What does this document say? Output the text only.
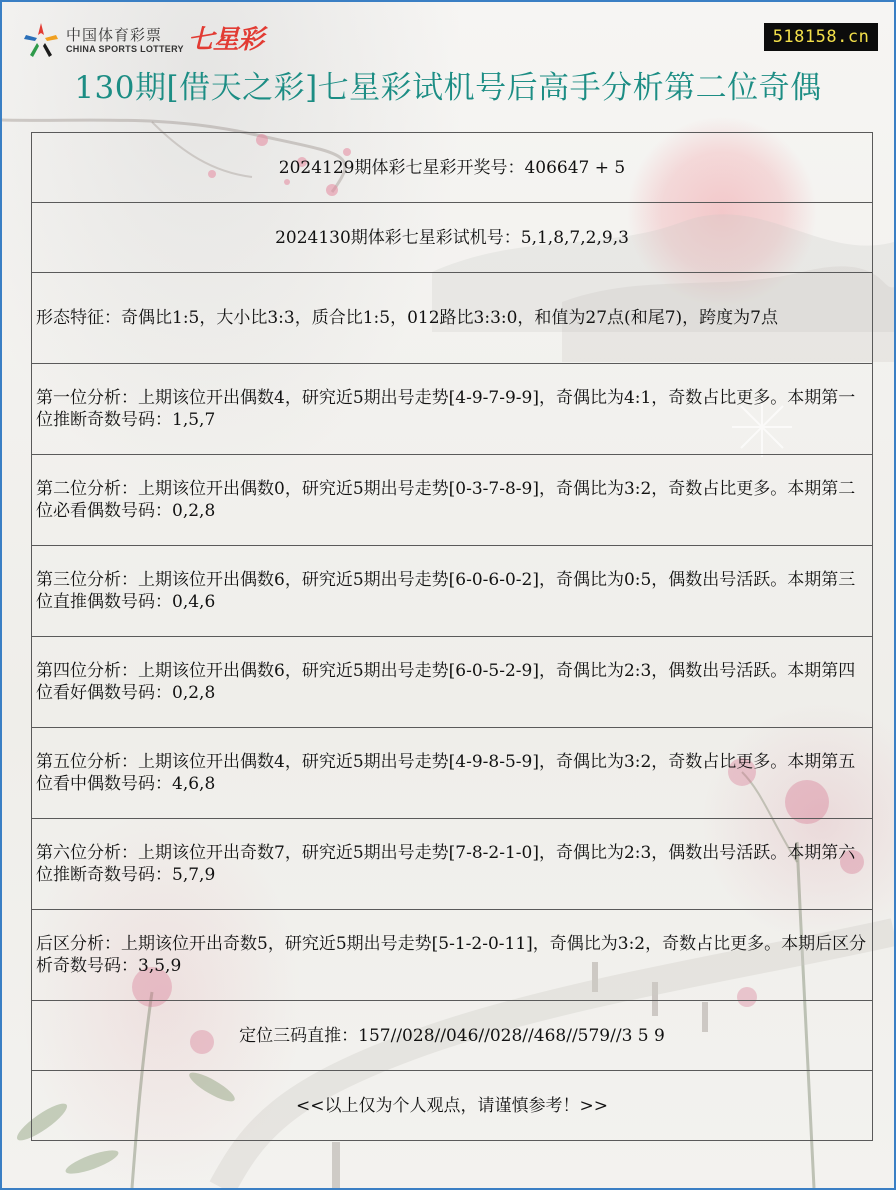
中国体育彩票
CHINA SPORTS LOTTERY 七星彩	518158.cn
130期[借天之彩]七星彩试机号后高手分析第二位奇偶
2024129期体彩七星彩开奖号：406647 + 5
2024130期体彩七星彩试机号：5,1,8,7,2,9,3
形态特征：奇偶比1:5，大小比3:3，质合比1:5，012路比3:3:0，和值为27点(和尾7)，跨度为7点
第一位分析：上期该位开出偶数4，研究近5期出号走势[4-9-7-9-9]，奇偶比为4:1，奇数占比更多。本期第一位推断奇数号码：1,5,7
第二位分析：上期该位开出偶数0，研究近5期出号走势[0-3-7-8-9]，奇偶比为3:2，奇数占比更多。本期第二位必看偶数号码：0,2,8
第三位分析：上期该位开出偶数6，研究近5期出号走势[6-0-6-0-2]，奇偶比为0:5，偶数出号活跃。本期第三位直推偶数号码：0,4,6
第四位分析：上期该位开出偶数6，研究近5期出号走势[6-0-5-2-9]，奇偶比为2:3，偶数出号活跃。本期第四位看好偶数号码：0,2,8
第五位分析：上期该位开出偶数4，研究近5期出号走势[4-9-8-5-9]，奇偶比为3:2，奇数占比更多。本期第五位看中偶数号码：4,6,8
第六位分析：上期该位开出奇数7，研究近5期出号走势[7-8-2-1-0]，奇偶比为2:3，偶数出号活跃。本期第六位推断奇数号码：5,7,9
后区分析：上期该位开出奇数5，研究近5期出号走势[5-1-2-0-11]，奇偶比为3:2，奇数占比更多。本期后区分析奇数号码：3,5,9
定位三码直推：157//028//046//028//468//579//3 5 9
<<以上仅为个人观点，请谨慎参考！>>
